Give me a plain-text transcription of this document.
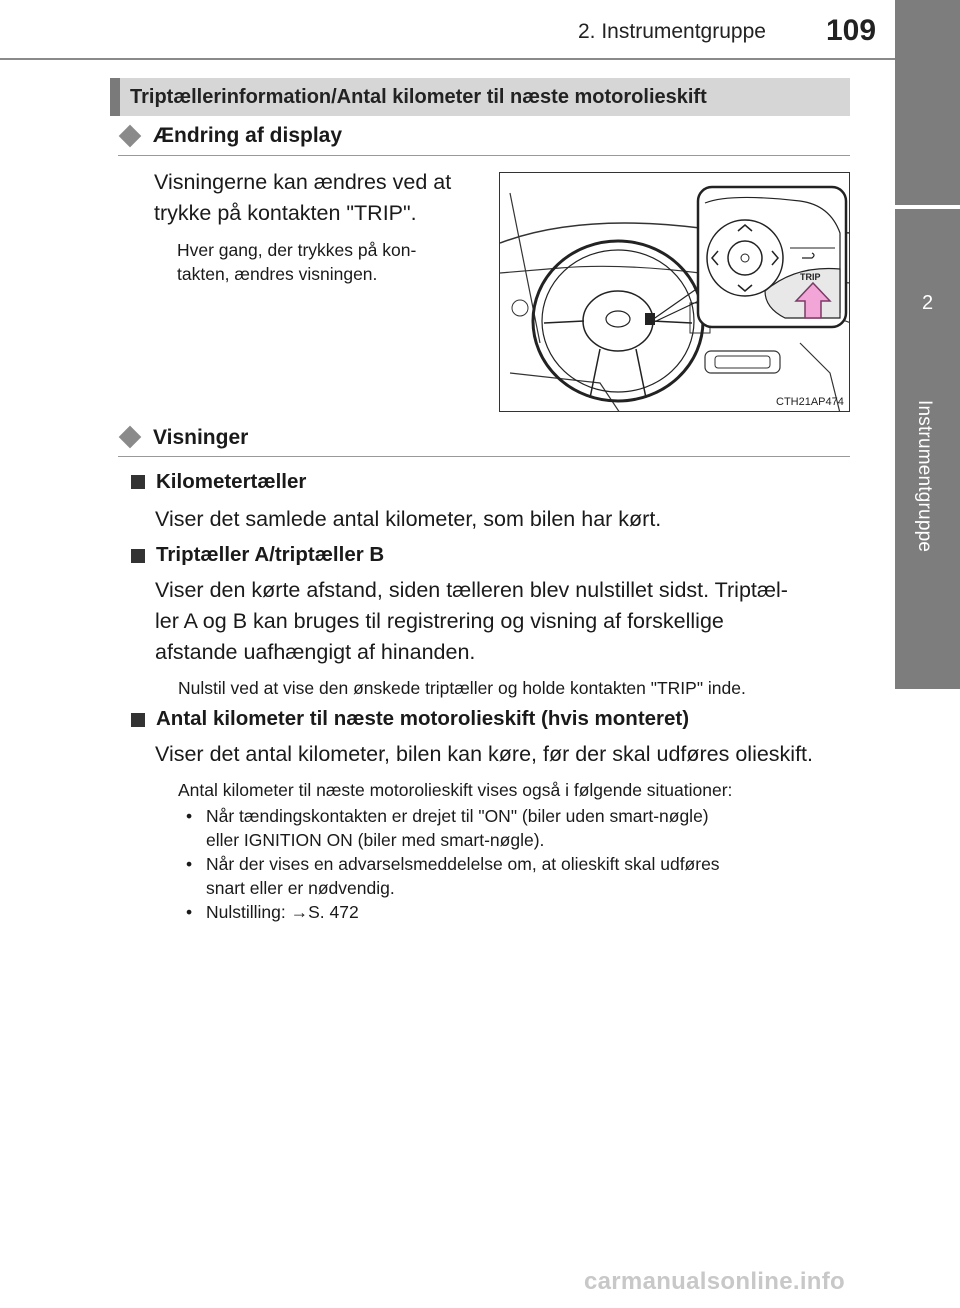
2. Instrumentgruppe 109
2
Instrumentgruppe
Triptællerinformation/Antal kilometer til næste motorolieskift
Ændring af display
Visningerne kan ændres ved at
trykke på kontakten "TRIP".
Hver gang, der trykkes på kon-
takten, ændres visningen.	TRIP
CTH21AP474
Visninger
Kilometertæller
Viser det samlede antal kilometer, som bilen har kørt.
Triptæller A/triptæller B
Viser den kørte afstand, siden tælleren blev nulstillet sidst. Triptæl-
ler A og B kan bruges til registrering og visning af forskellige
afstande uafhængigt af hinanden.
Nulstil ved at vise den ønskede triptæller og holde kontakten "TRIP" inde.
Antal kilometer til næste motorolieskift (hvis monteret)
Viser det antal kilometer, bilen kan køre, før der skal udføres olieskift.
Antal kilometer til næste motorolieskift vises også i følgende situationer:
• Når tændingskontakten er drejet til "ON" (biler uden smart-nøgle)
eller IGNITION ON (biler med smart-nøgle).
• Når der vises en advarselsmeddelelse om, at olieskift skal udføres
snart eller er nødvendig.
• Nulstilling: →S. 472
carmanualsonline.info
